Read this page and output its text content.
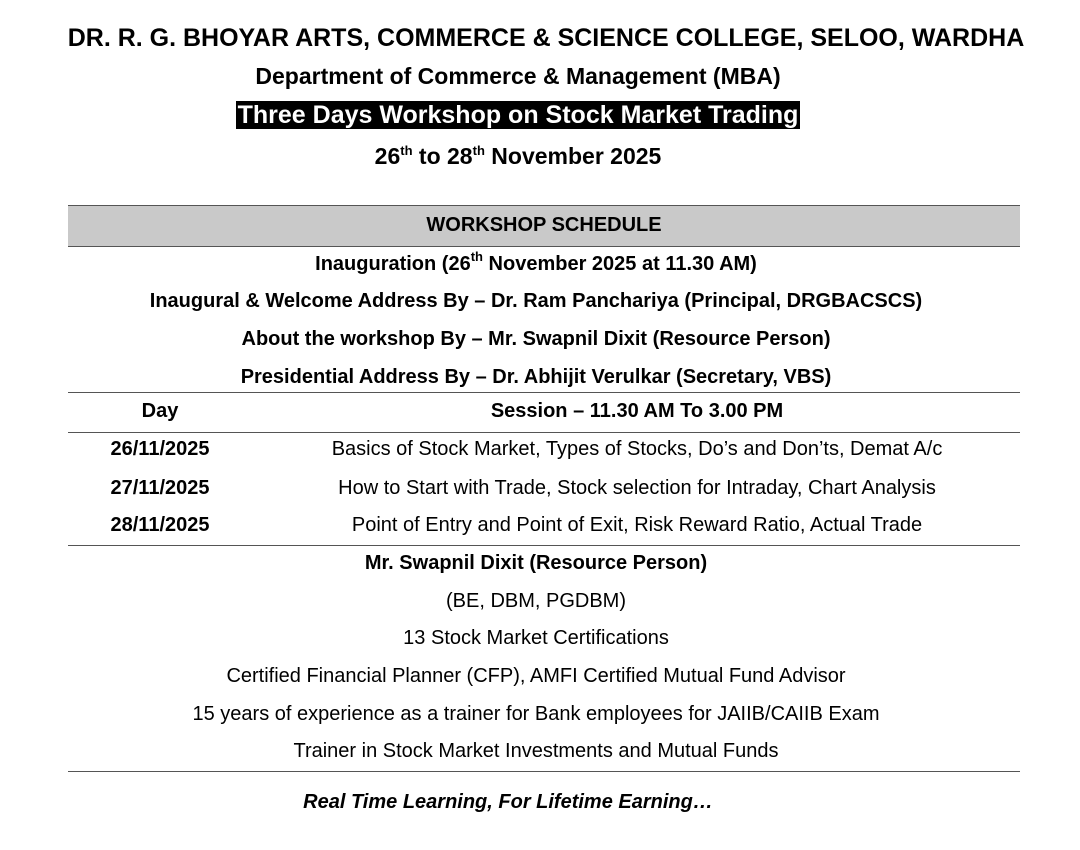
DR. R. G. BHOYAR ARTS, COMMERCE & SCIENCE COLLEGE, SELOO, WARDHA
Department of Commerce & Management (MBA)
Three Days Workshop on Stock Market Trading
26th to 28th November 2025
WORKSHOP SCHEDULE
Inauguration (26th November 2025 at 11.30 AM)
Inaugural & Welcome Address By – Dr. Ram Panchariya (Principal, DRGBACSCS)
About the workshop By – Mr. Swapnil Dixit (Resource Person)
Presidential Address By – Dr. Abhijit Verulkar (Secretary, VBS)
Day	Session – 11.30 AM To 3.00 PM
26/11/2025	Basics of Stock Market, Types of Stocks, Do’s and Don’ts, Demat A/c
27/11/2025	How to Start with Trade, Stock selection for Intraday, Chart Analysis
28/11/2025	Point of Entry and Point of Exit, Risk Reward Ratio, Actual Trade
Mr. Swapnil Dixit (Resource Person)
(BE, DBM, PGDBM)
13 Stock Market Certifications
Certified Financial Planner (CFP), AMFI Certified Mutual Fund Advisor
15 years of experience as a trainer for Bank employees for JAIIB/CAIIB Exam
Trainer in Stock Market Investments and Mutual Funds
Real Time Learning, For Lifetime Earning…
